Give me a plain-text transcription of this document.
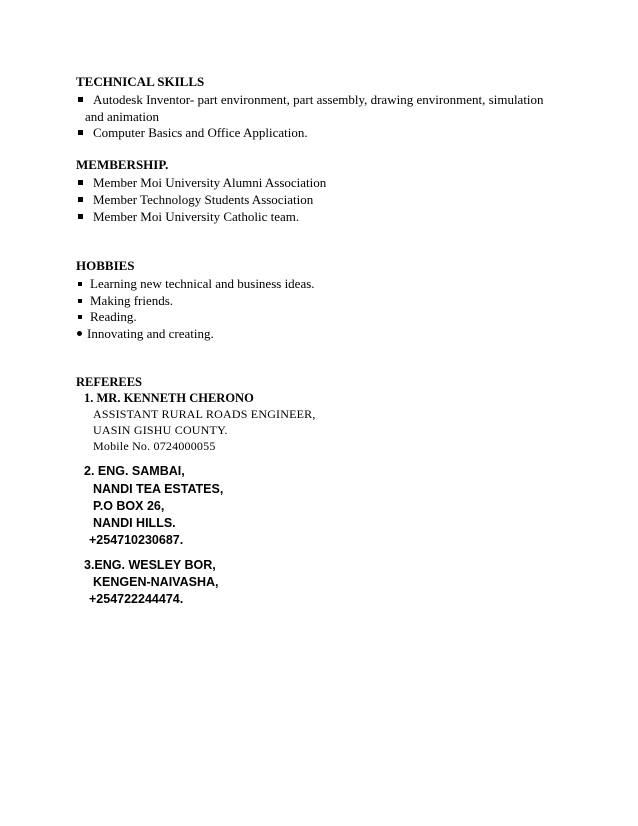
TECHNICAL SKILLS
Autodesk Inventor- part environment, part assembly, drawing environment, simulation
and animation
Computer Basics and Office Application.
MEMBERSHIP.
Member Moi University Alumni Association
Member Technology Students Association
Member Moi University Catholic team.
HOBBIES
Learning new technical and business ideas.
Making friends.
Reading.
Innovating and creating.
REFEREES
1. MR. KENNETH CHERONO
ASSISTANT RURAL ROADS ENGINEER,
UASIN GISHU COUNTY.
Mobile No. 0724000055
2. ENG. SAMBAI,
NANDI TEA ESTATES,
P.O BOX 26,
NANDI HILLS.
+254710230687.
3.ENG. WESLEY BOR,
KENGEN-NAIVASHA,
+254722244474.
